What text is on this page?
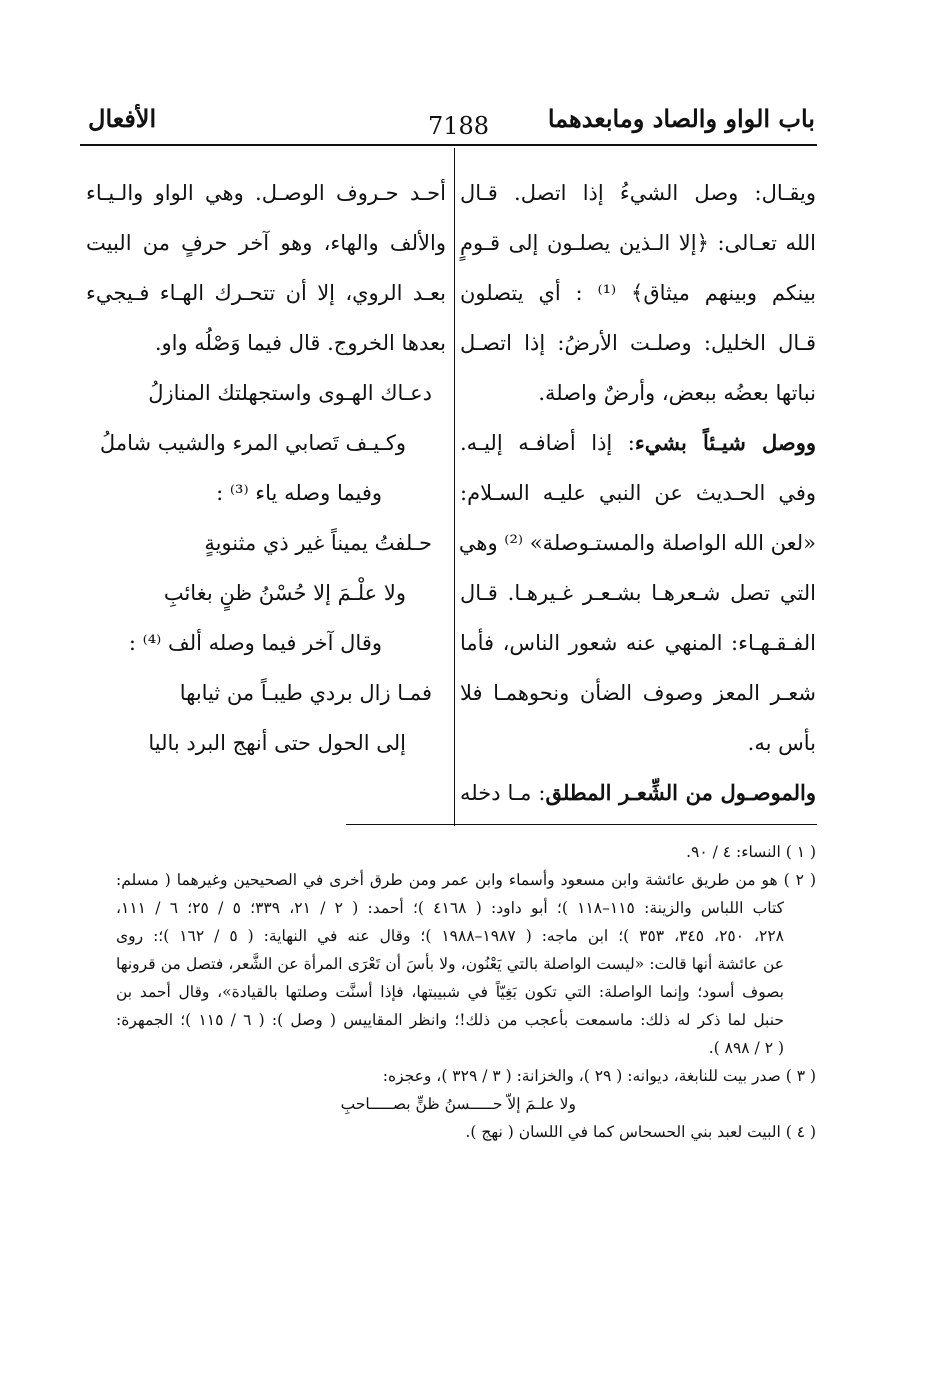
باب الواو والصاد ومابعدهما
7188
الأفعال
ويقـال: وصل الشيءُ إذا اتصل. قـال
الله تعـالى: ﴿إلا الـذين يصلـون إلى قـومٍ
بينكم وبينهم ميثاق﴾ ⁽¹⁾ : أي يتصلون
قـال الخليل: وصلـت الأرضُ: إذا اتصـل
نباتها بعضُه ببعض، وأرضٌ واصلة.
ووصل شيـئاً بشيء: إذا أضافـه إليـه.
وفي الحـديث عن النبي عليـه السـلام:
«لعن الله الواصلة والمستـوصلة» ⁽²⁾ وهي
التي تصل شـعرهـا بشـعـر غـيرهـا. قـال
الفـقـهـاء: المنهي عنه شعور الناس، فأما
شعـر المعز وصوف الضأن ونحوهمـا فلا
بأس به.
والموصـول من الشِّعـر المطلق: مـا دخله
أحـد حـروف الوصـل. وهي الواو والـيـاء
والألف والهاء، وهو آخر حرفٍ من البيت
بعـد الروي، إلا أن تتحـرك الهـاء فـيجيء
بعدها الخروج. قال فيما وَصْلُه واو.
دعـاك الهـوى واستجهلتك المنازلُ
وكـيـف تَصابي المرء والشيب شاملُ
وفيما وصله ياء ⁽³⁾ :
حـلفتُ يميناً غير ذي مثنويةٍ
ولا علْـمَ إلا حُسْنُ ظنٍ بغائبِ
وقال آخر فيما وصله ألف ⁽⁴⁾ :
فمـا زال بردي طيبـاً من ثيابها
إلى الحول حتى أنهج البرد باليا
( ١ ) النساء: ٤ / ٩٠.
( ٢ ) هو من طريق عائشة وابن مسعود وأسماء وابن عمر ومن طرق أخرى في الصحيحين وغيرهما ( مسلم:
كتاب اللباس والزينة: ١١٥–١١٨ )؛ أبو داود: ( ٤١٦٨ )؛ أحمد: ( ٢ / ٢١، ٣٣٩؛ ٥ / ٢٥؛ ٦ / ١١١،
٢٢٨، ٢٥٠، ٣٤٥، ٣٥٣ )؛ ابن ماجه: ( ١٩٨٧–١٩٨٨ )؛ وقال عنه في النهاية: ( ٥ / ١٦٢ )؛: روى
عن عائشة أنها قالت: «ليست الواصلة بالتي يَعْنُون، ولا بأسَ أن تَعْرَى المرأة عن الشَّعر، فتصل من قرونها
بصوف أسود؛ وإنما الواصلة: التي تكون بَغِيّاً في شبيبتها، فإذا أسنَّت وصلتها بالقيادة»، وقال أحمد بن
حنبل لما ذكر له ذلك: ماسمعت بأعجب من ذلك!؛ وانظر المقاييس ( وصل ): ( ٦ / ١١٥ )؛ الجمهرة:
( ٢ / ٨٩٨ ).
( ٣ ) صدر بيت للنابغة، ديوانه: ( ٢٩ )، والخزانة: ( ٣ / ٣٢٩ )، وعجزه:
ولا علـمَ إلاّ حـــــسنُ ظنٍّ بصـــــاحبِ
( ٤ ) البيت لعبد بني الحسحاس كما في اللسان ( نهج ).
